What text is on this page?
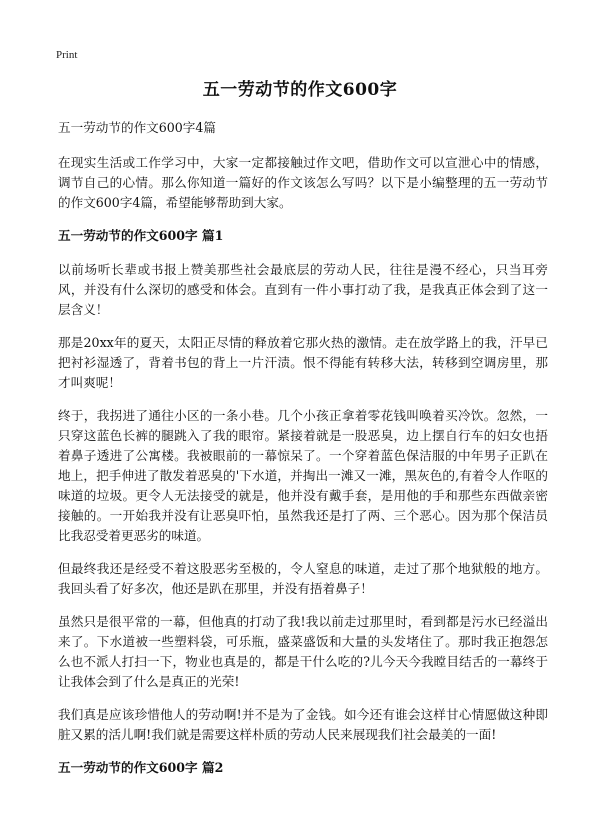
Print
五一劳动节的作文600字

五一劳动节的作文600字4篇

在现实生活或工作学习中，大家一定都接触过作文吧，借助作文可以宣泄心中的情感，调节自己的心情。那么你知道一篇好的作文该怎么写吗？以下是小编整理的五一劳动节的作文600字4篇，希望能够帮助到大家。

五一劳动节的作文600字 篇1

以前场听长辈或书报上赞美那些社会最底层的劳动人民，往往是漫不经心，只当耳旁风，并没有什么深切的感受和体会。直到有一件小事打动了我，是我真正体会到了这一层含义！

那是20xx年的夏天，太阳正尽情的释放着它那火热的激情。走在放学路上的我，汗早已把衬衫湿透了，背着书包的背上一片汗渍。恨不得能有转移大法，转移到空调房里，那才叫爽呢！

终于，我拐进了通往小区的一条小巷。几个小孩正拿着零花钱叫唤着买冷饮。忽然，一只穿这蓝色长裤的腿跳入了我的眼帘。紧接着就是一股恶臭，边上摆自行车的妇女也捂着鼻子透进了公寓楼。我被眼前的一幕惊呆了。一个穿着蓝色保洁服的中年男子正趴在地上，把手伸进了散发着恶臭的'下水道，并掏出一滩又一滩，黑灰色的,有着令人作呕的味道的垃圾。更令人无法接受的就是，他并没有戴手套，是用他的手和那些东西做亲密接触的。一开始我并没有让恶臭吓怕，虽然我还是打了两、三个恶心。因为那个保洁员比我忍受着更恶劣的味道。

但最终我还是经受不着这股恶劣至极的，令人窒息的味道，走过了那个地狱般的地方。我回头看了好多次，他还是趴在那里，并没有捂着鼻子！

虽然只是很平常的一幕，但他真的打动了我!我以前走过那里时，看到都是污水已经溢出来了。下水道被一些塑料袋，可乐瓶，盛菜盛饭和大量的头发堵住了。那时我正抱怨怎么也不派人打扫一下，物业也真是的，都是干什么吃的?儿今天今我瞠目结舌的一幕终于让我体会到了什么是真正的光荣!

我们真是应该珍惜他人的劳动啊!并不是为了金钱。如今还有谁会这样甘心情愿做这种即脏又累的活儿啊!我们就是需要这样朴质的劳动人民来展现我们社会最美的一面!

五一劳动节的作文600字 篇2
